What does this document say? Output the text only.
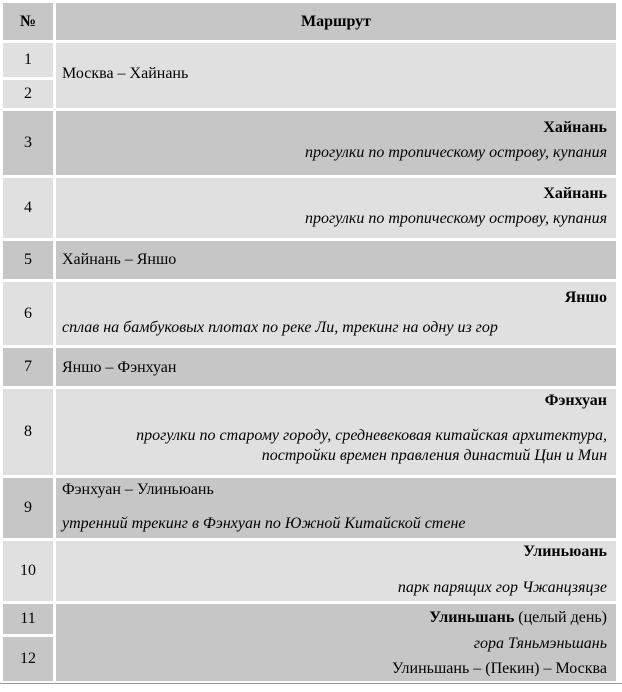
№	Маршрут
1
2
Москва – Хайнань
3
Хайнань
прогулки по тропическому острову, купания
4
Хайнань
прогулки по тропическому острову, купания
5 Хайнань – Яншо
6
Яншо
сплав на бамбуковых плотах по реке Ли, трекинг на одну из гор
7 Яншо – Фэнхуан
8
Фэнхуан
прогулки по старому городу, средневековая китайская архитектура,
постройки времен правления династий Цин и Мин
9
Фэнхуан – Улиньюань
утренний трекинг в Фэнхуан по Южной Китайской стене
10
Улиньюань
парк парящих гор Чжанцзяцзе
11
12
Улиньшань (целый день)
гора Тяньмэньшань
Улиньшань – (Пекин) – Москва
